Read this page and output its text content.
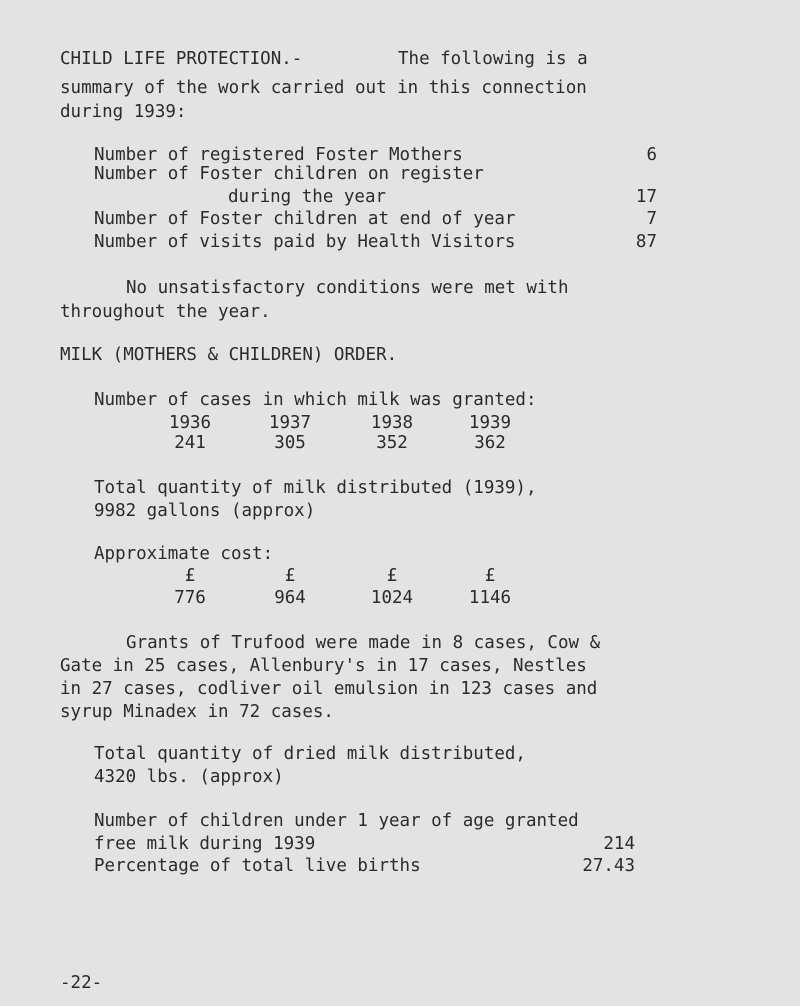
CHILD LIFE PROTECTION.-	The following is a
summary of the work carried out in this connection
during 1939:
Number of registered Foster Mothers	6
Number of Foster children on register
during the year	17
Number of Foster children at end of year	7
Number of visits paid by Health Visitors	87
No unsatisfactory conditions were met with
throughout the year.
MILK (MOTHERS & CHILDREN) ORDER.
Number of cases in which milk was granted:
1936	1937	1938	1939
241	305	352	362
Total quantity of milk distributed (1939),
9982 gallons (approx)
Approximate cost:
£	£	£	£
776	964	1024	1146
Grants of Trufood were made in 8 cases, Cow &
Gate in 25 cases, Allenbury's in 17 cases, Nestles
in 27 cases, codliver oil emulsion in 123 cases and
syrup Minadex in 72 cases.
Total quantity of dried milk distributed,
4320 lbs. (approx)
Number of children under 1 year of age granted
free milk during 1939	214
Percentage of total live births	27.43
-22-
